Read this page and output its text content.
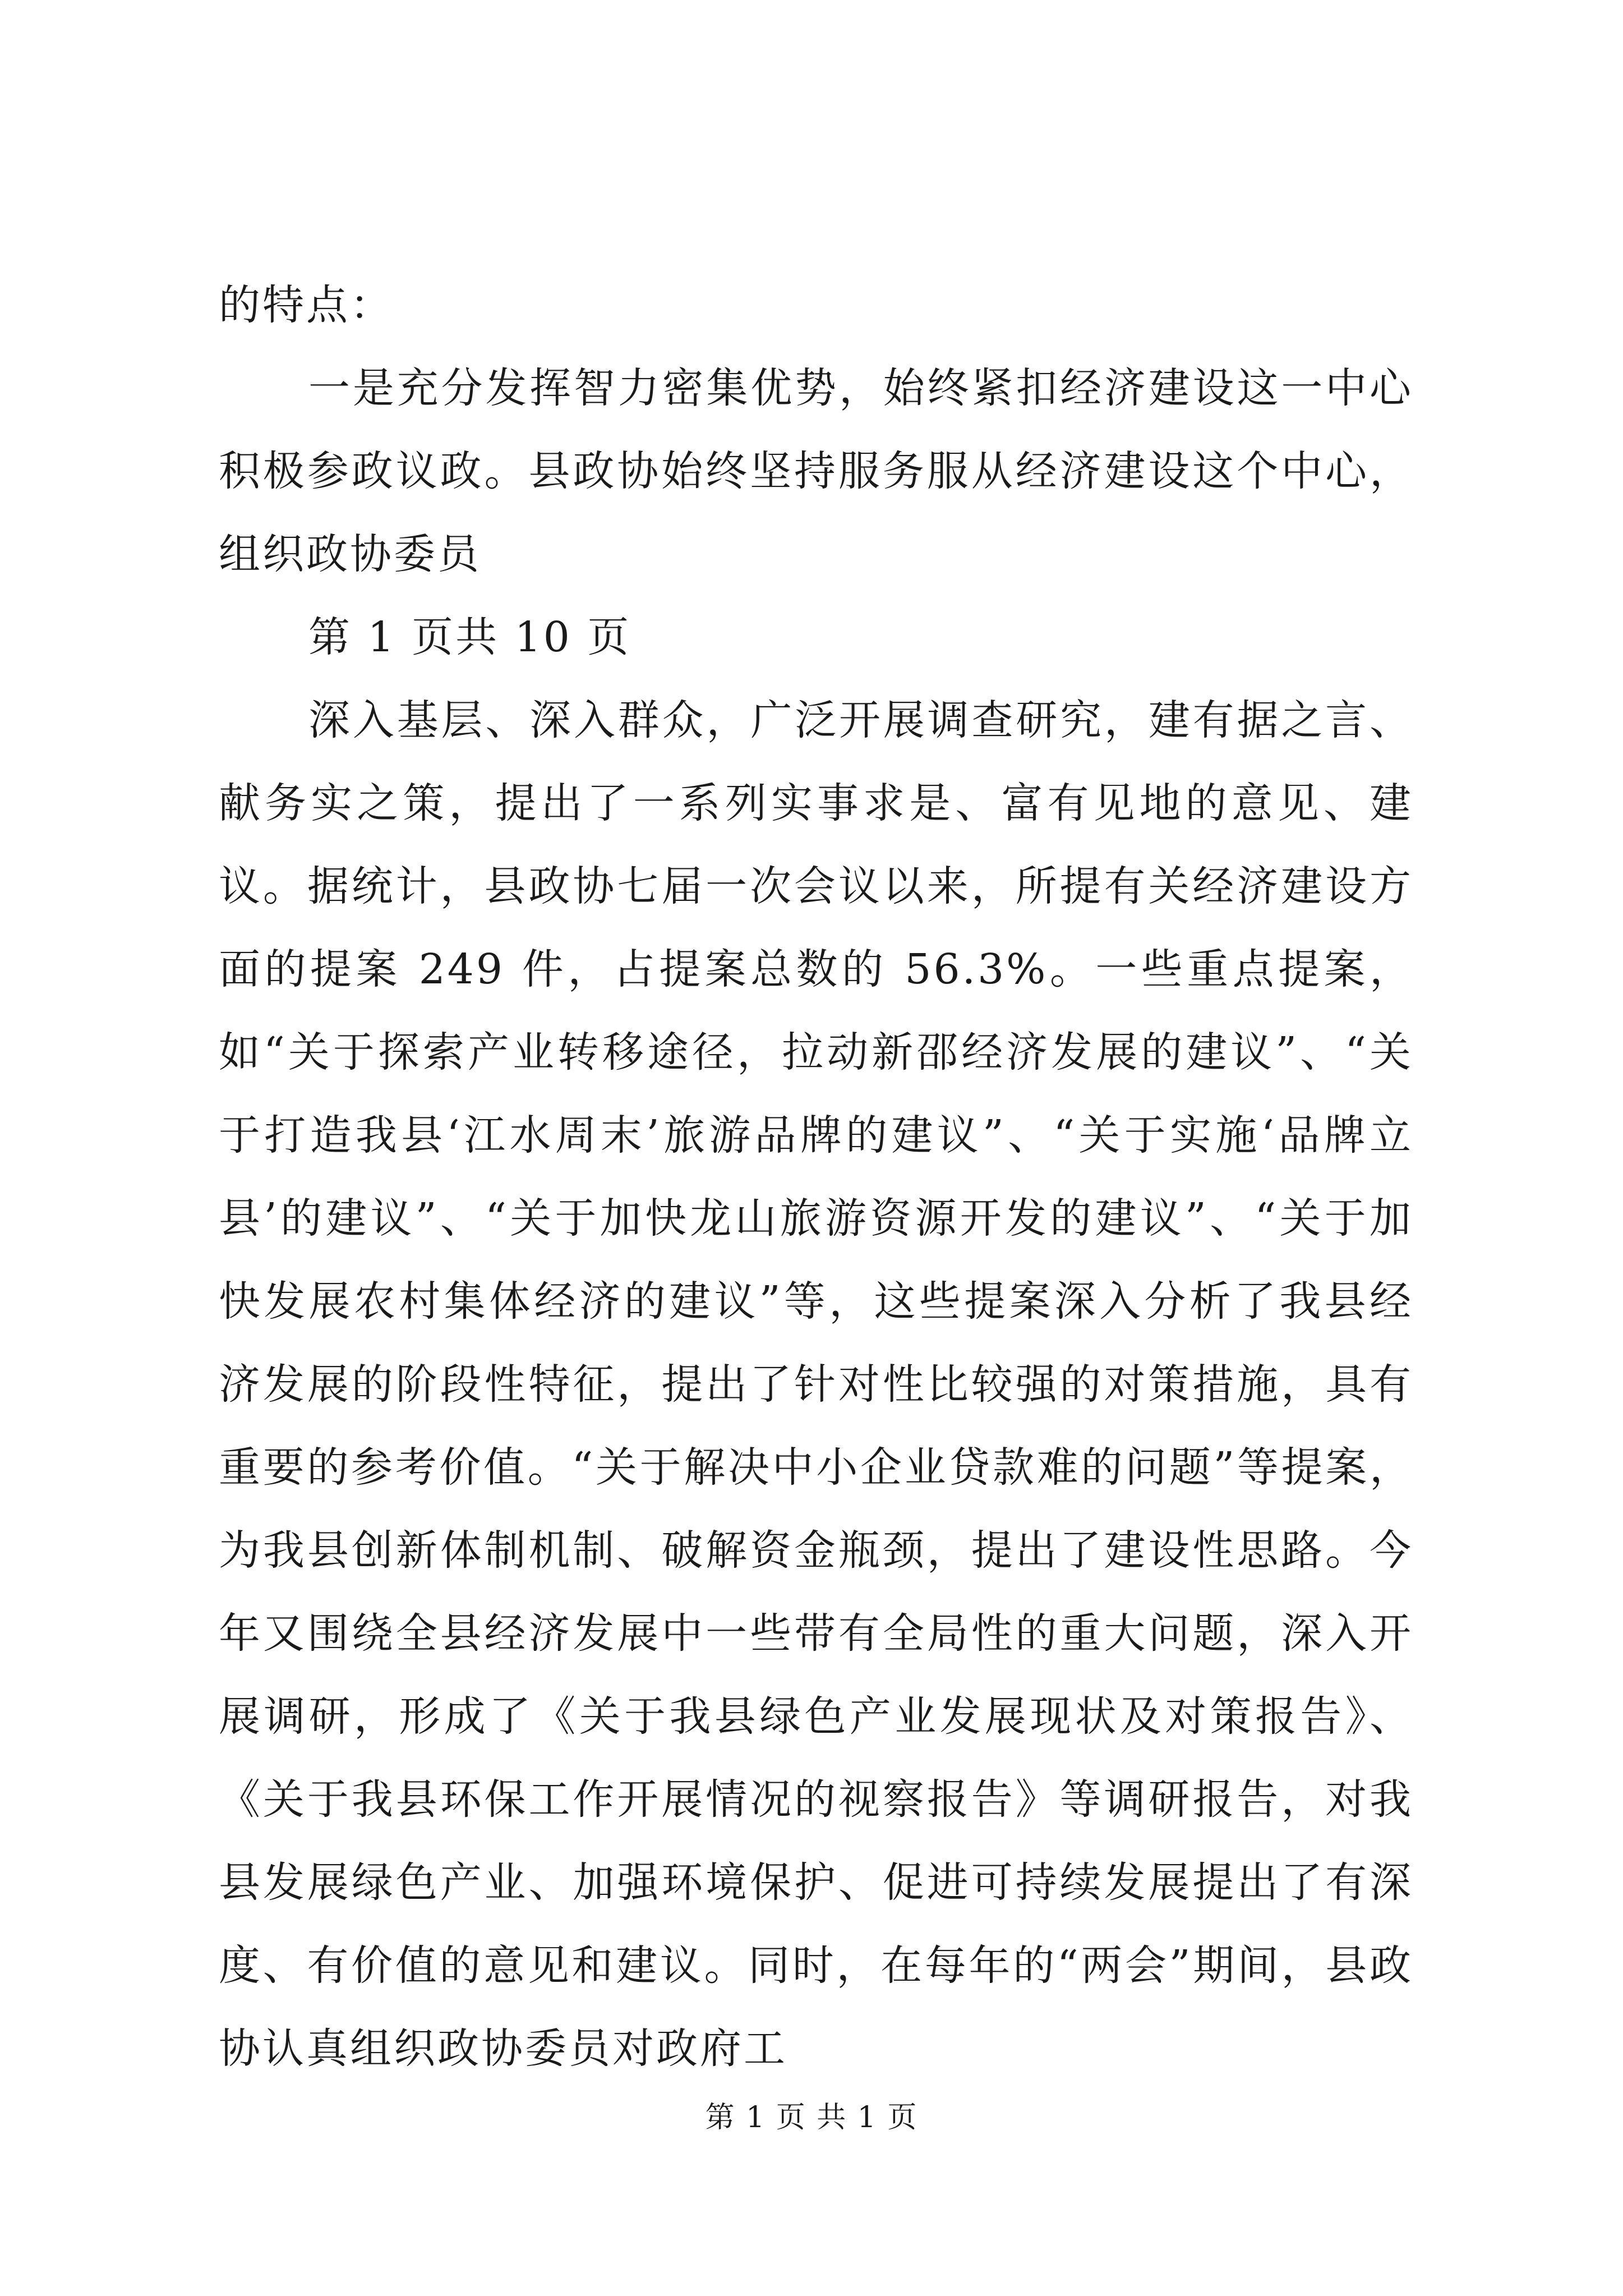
的特点：

一是充分发挥智力密集优势，始终紧扣经济建设这一中心积极参政议政。县政协始终坚持服务服从经济建设这个中心，组织政协委员

第 1 页共 10 页

深入基层、深入群众，广泛开展调查研究，建有据之言、献务实之策，提出了一系列实事求是、富有见地的意见、建议。据统计，县政协七届一次会议以来，所提有关经济建设方面的提案 249 件，占提案总数的 56.3%。一些重点提案，如“关于探索产业转移途径，拉动新邵经济发展的建议”、“关于打造我县‘江水周末’旅游品牌的建议”、“关于实施‘品牌立县’的建议”、“关于加快龙山旅游资源开发的建议”、“关于加快发展农村集体经济的建议”等，这些提案深入分析了我县经济发展的阶段性特征，提出了针对性比较强的对策措施，具有重要的参考价值。“关于解决中小企业贷款难的问题”等提案，为我县创新体制机制、破解资金瓶颈，提出了建设性思路。今年又围绕全县经济发展中一些带有全局性的重大问题，深入开展调研，形成了《关于我县绿色产业发展现状及对策报告》、《关于我县环保工作开展情况的视察报告》等调研报告，对我县发展绿色产业、加强环境保护、促进可持续发展提出了有深度、有价值的意见和建议。同时，在每年的“两会”期间，县政协认真组织政协委员对政府工

第 1 页 共 1 页
